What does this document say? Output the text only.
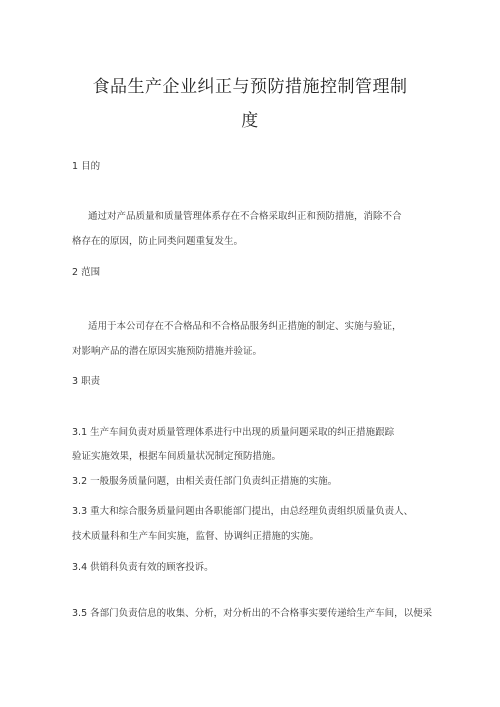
食品生产企业纠正与预防措施控制管理制
度

1 目的

通过对产品质量和质量管理体系存在不合格采取纠正和预防措施，消除不合

格存在的原因，防止同类问题重复发生。

2 范围

适用于本公司存在不合格品和不合格品服务纠正措施的制定、实施与验证，

对影响产品的潜在原因实施预防措施并验证。

3 职责

3.1 生产车间负责对质量管理体系进行中出现的质量问题采取的纠正措施跟踪

验证实施效果，根据车间质量状况制定预防措施。

3.2 一般服务质量问题，由相关责任部门负责纠正措施的实施。

3.3 重大和综合服务质量问题由各职能部门提出，由总经理负责组织质量负责人、

技术质量科和生产车间实施，监督、协调纠正措施的实施。

3.4 供销科负责有效的顾客投诉。

3.5 各部门负责信息的收集、分析，对分析出的不合格事实要传递给生产车间，以便采
